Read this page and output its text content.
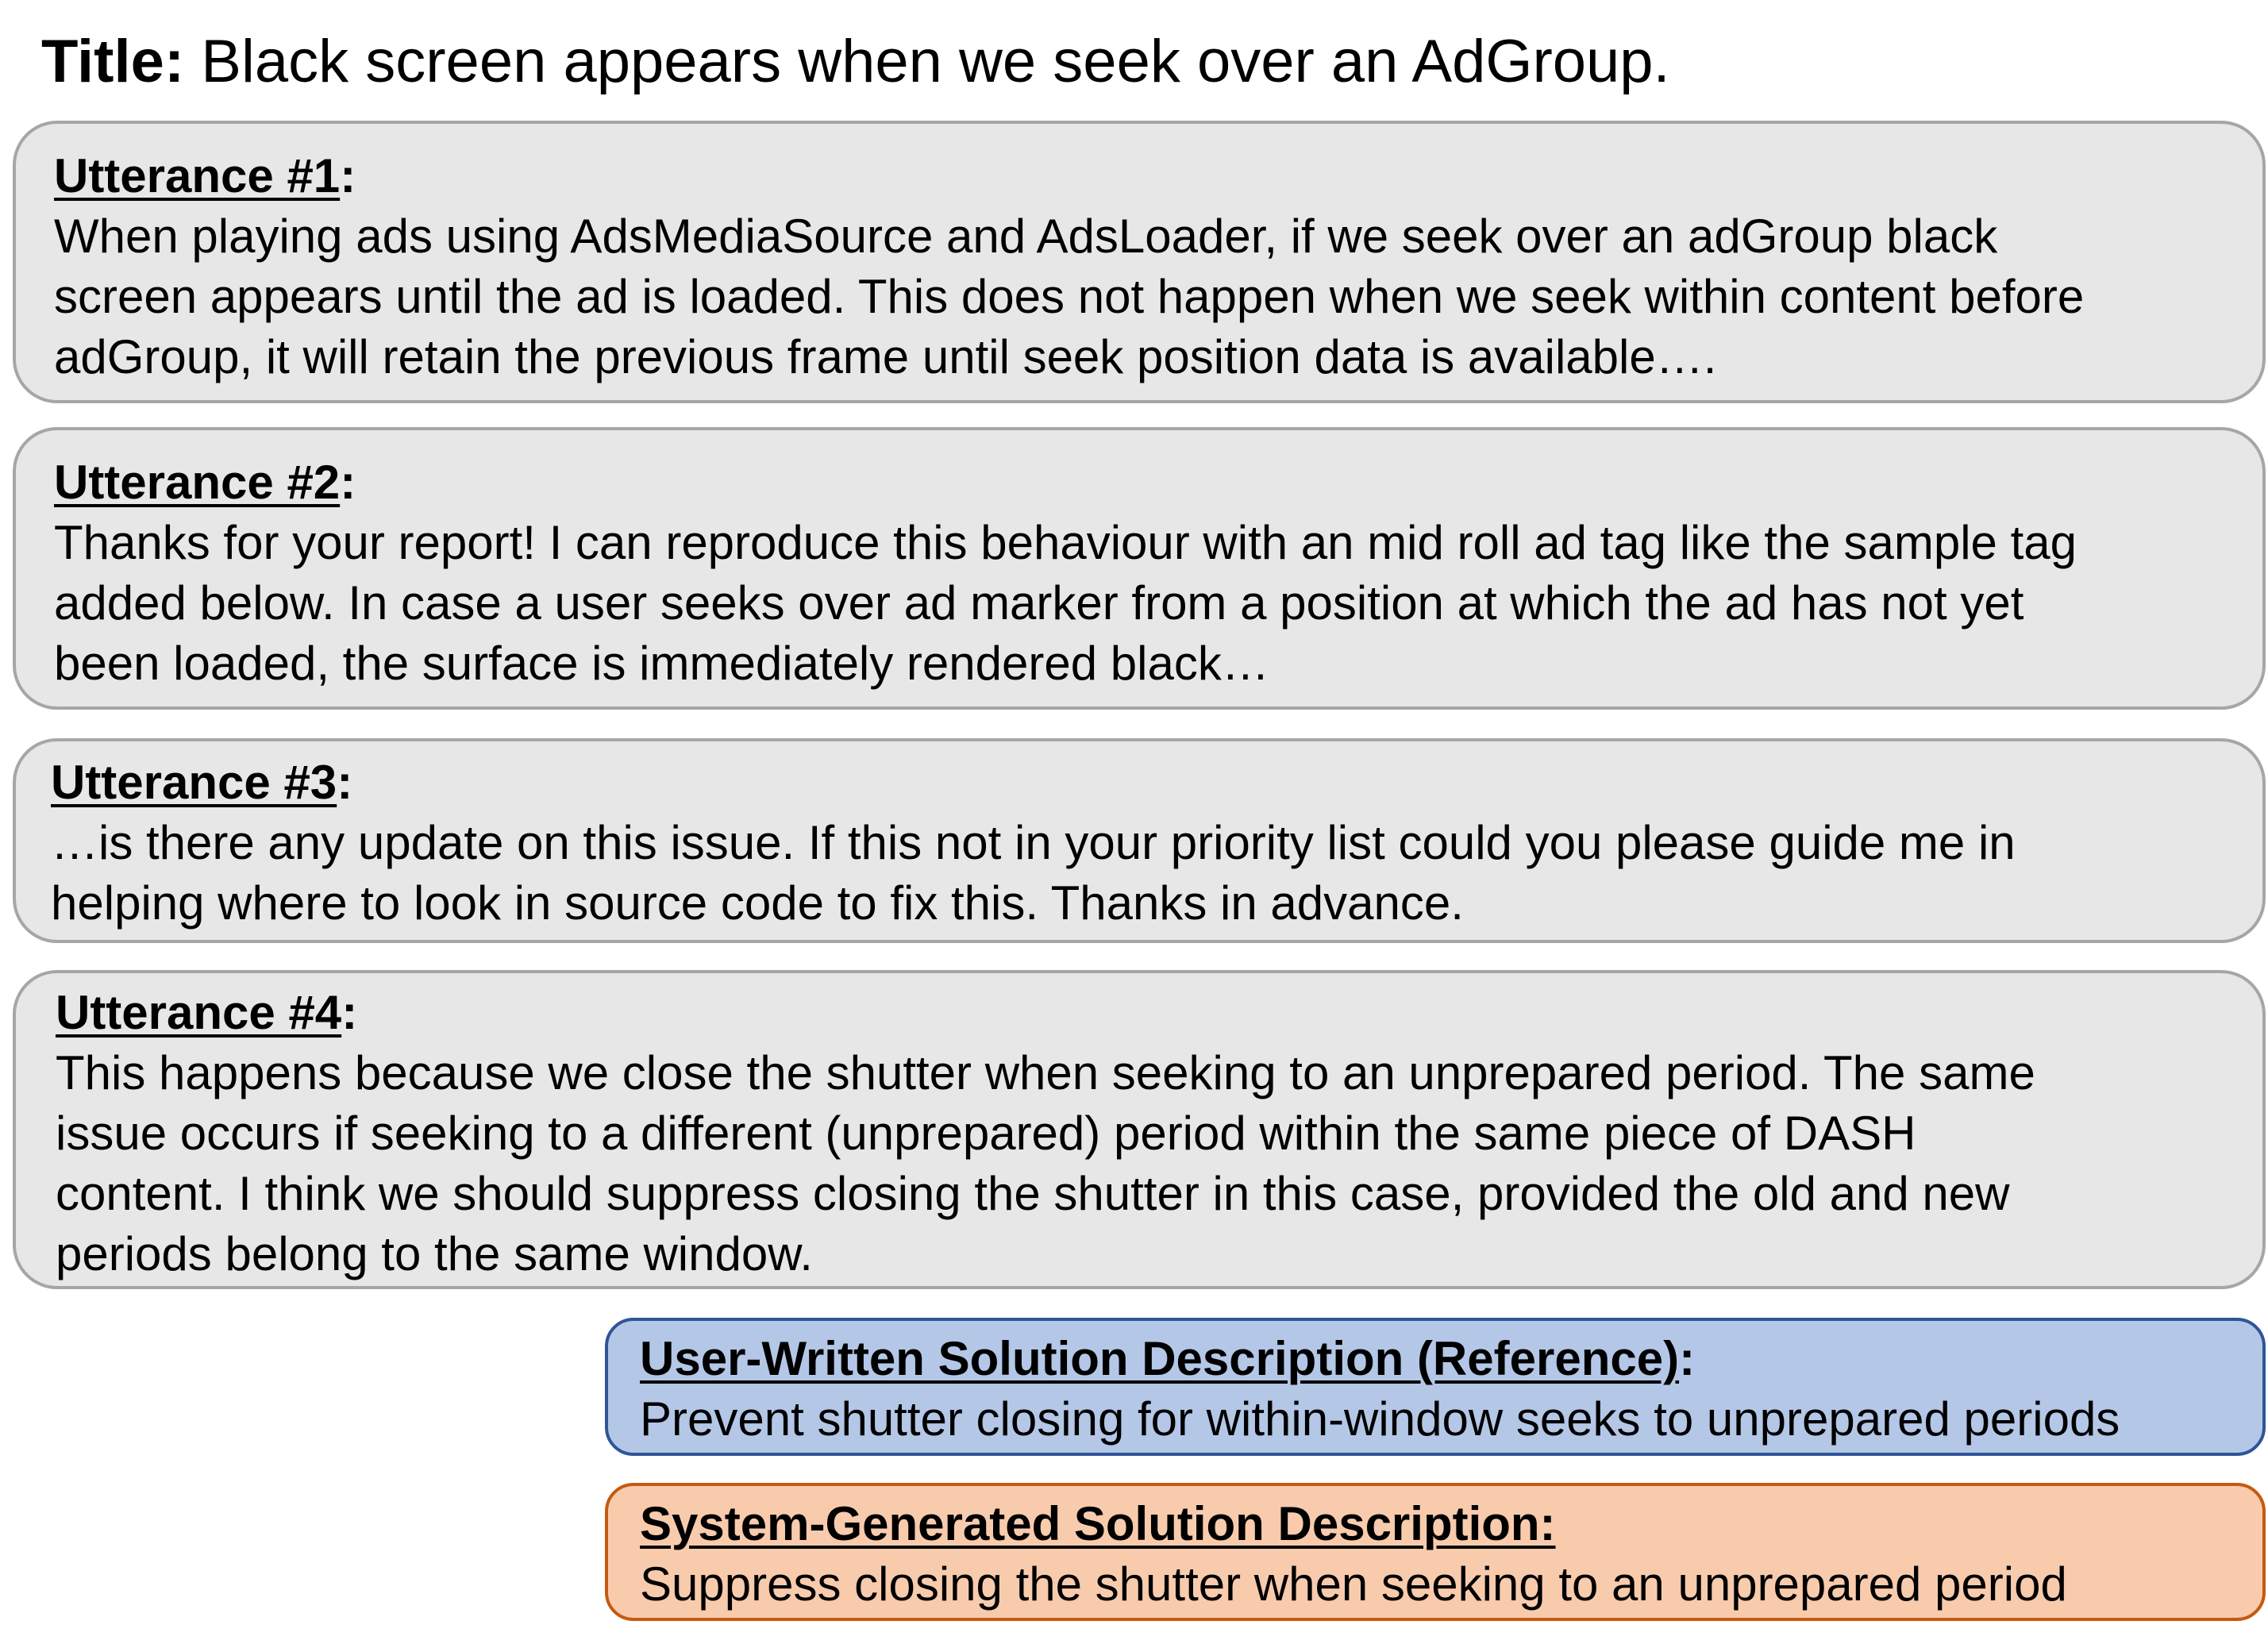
Title: Black screen appears when we seek over an AdGroup.
Utterance #1:
When playing ads using AdsMediaSource and AdsLoader, if we seek over an adGroup black
screen appears until the ad is loaded. This does not happen when we seek within content before
adGroup, it will retain the previous frame until seek position data is available….
Utterance #2:
Thanks for your report! I can reproduce this behaviour with an mid roll ad tag like the sample tag
added below. In case a user seeks over ad marker from a position at which the ad has not yet
been loaded, the surface is immediately rendered black…
Utterance #3:
…is there any update on this issue. If this not in your priority list could you please guide me in
helping where to look in source code to fix this. Thanks in advance.
Utterance #4:
This happens because we close the shutter when seeking to an unprepared period. The same
issue occurs if seeking to a different (unprepared) period within the same piece of DASH
content. I think we should suppress closing the shutter in this case, provided the old and new
periods belong to the same window.
User-Written Solution Description (Reference):
Prevent shutter closing for within-window seeks to unprepared periods
System-Generated Solution Description:
Suppress closing the shutter when seeking to an unprepared period
